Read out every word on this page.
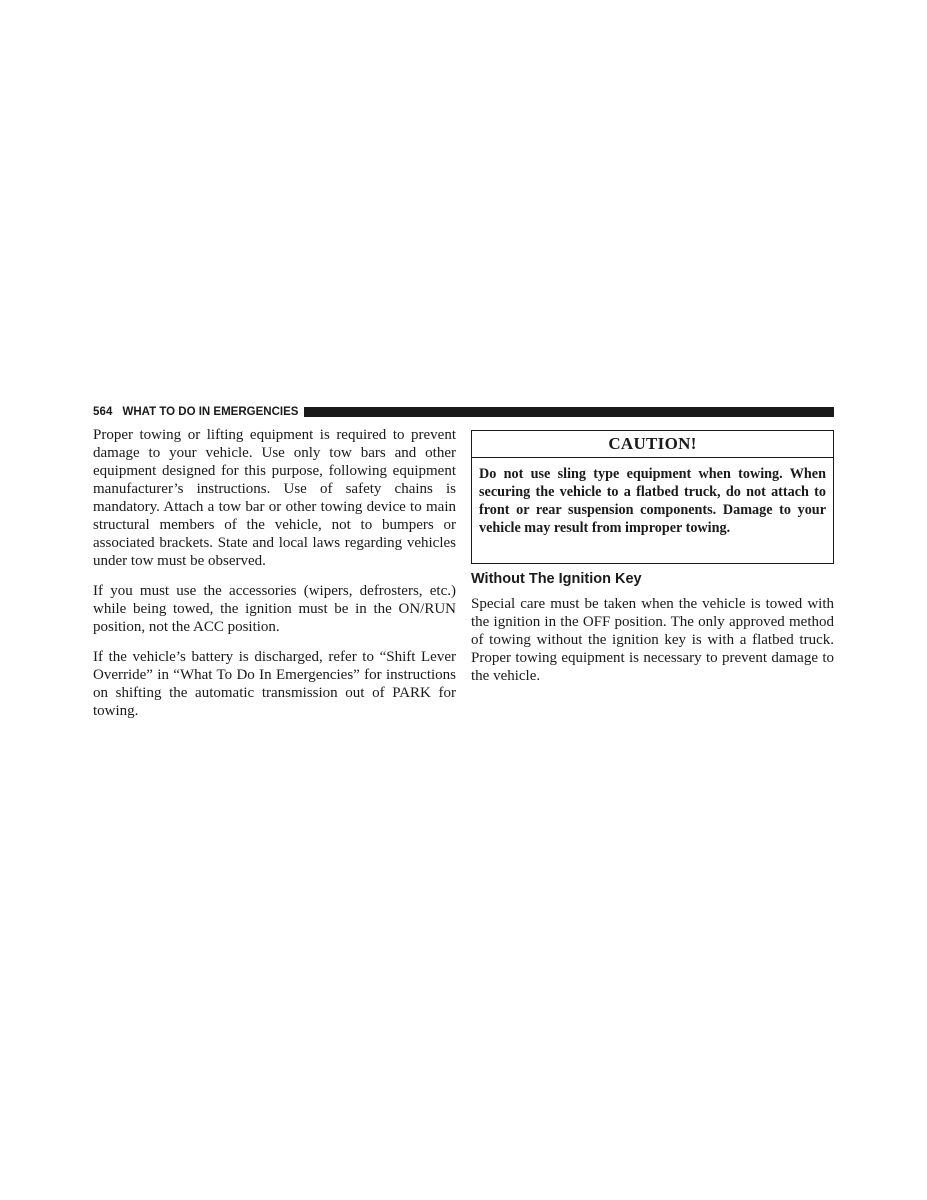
564 WHAT TO DO IN EMERGENCIES

Proper towing or lifting equipment is required to prevent damage to your vehicle. Use only tow bars and other equipment designed for this purpose, following equipment manufacturer’s instructions. Use of safety chains is mandatory. Attach a tow bar or other towing device to main structural members of the vehicle, not to bumpers or associated brackets. State and local laws regarding vehicles under tow must be observed.

If you must use the accessories (wipers, defrosters, etc.) while being towed, the ignition must be in the ON/RUN position, not the ACC position.

If the vehicle’s battery is discharged, refer to “Shift Lever Override” in “What To Do In Emergencies” for instructions on shifting the automatic transmission out of PARK for towing.

CAUTION!
Do not use sling type equipment when towing. When securing the vehicle to a flatbed truck, do not attach to front or rear suspension components. Damage to your vehicle may result from improper towing.
Without The Ignition Key

Special care must be taken when the vehicle is towed with the ignition in the OFF position. The only approved method of towing without the ignition key is with a flatbed truck. Proper towing equipment is necessary to prevent damage to the vehicle.
